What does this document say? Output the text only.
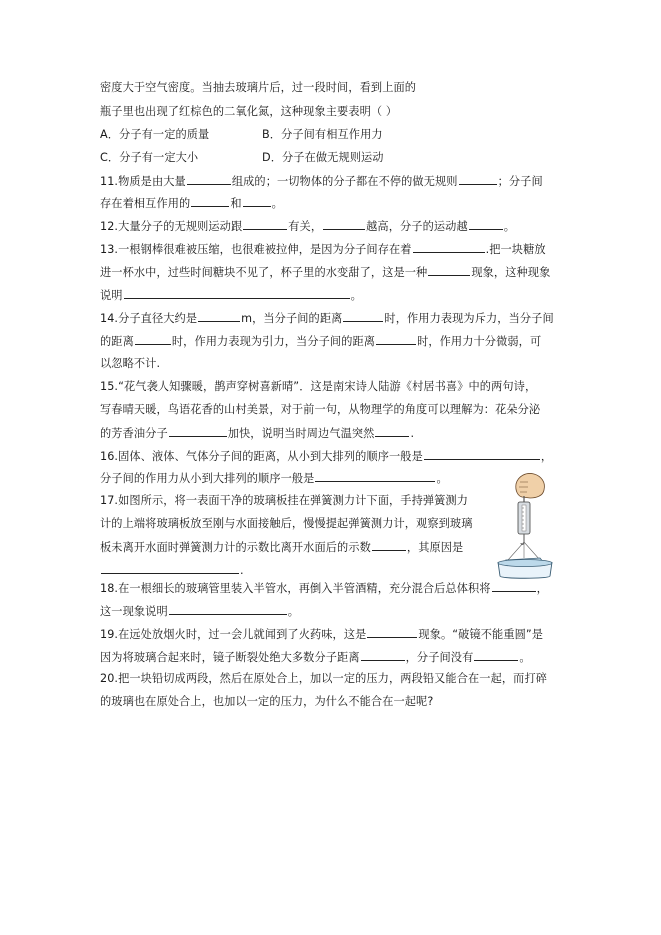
密度大于空气密度。当抽去玻璃片后，过一段时间，看到上面的
瓶子里也出现了红棕色的二氧化氮，这种现象主要表明（ ）
A．分子有一定的质量	B．分子间有相互作用力
C．分子有一定大小	D．分子在做无规则运动
11.物质是由大量	组成的；一切物体的分子都在不停的做无规则	；分子间
存在着相互作用的	和	。
12.大量分子的无规则运动跟	有关，	越高，分子的运动越	。
13.一根钢棒很难被压缩，也很难被拉伸，是因为分子间存在着	.把一块糖放
进一杯水中，过些时间糖块不见了，杯子里的水变甜了，这是一种	现象，这种现象
说明	。
14.分子直径大约是	m，当分子间的距离	时，作用力表现为斥力，当分子间
的距离	时，作用力表现为引力，当分子间的距离	时，作用力十分微弱，可
以忽略不计.
15.“花气袭人知骤暖，鹊声穿树喜新晴”．这是南宋诗人陆游《村居书喜》中的两句诗，
写春晴天暖，鸟语花香的山村美景，对于前一句，从物理学的角度可以理解为：花朵分泌
的芳香油分子	加快，说明当时周边气温突然	.
16.固体、液体、气体分子间的距离，从小到大排列的顺序一般是	，
分子间的作用力从小到大排列的顺序一般是	。
17.如图所示，将一表面干净的玻璃板挂在弹簧测力计下面，手持弹簧测力
计的上端将玻璃板放至刚与水面接触后，慢慢提起弹簧测力计，观察到玻璃
板未离开水面时弹簧测力计的示数比离开水面后的示数	，其原因是
.
18.在一根细长的玻璃管里装入半管水，再倒入半管酒精，充分混合后总体积将	，
这一现象说明	。
19.在远处放烟火时，过一会儿就闻到了火药味，这是	现象。“破镜不能重圆”是
因为将玻璃合起来时，镜子断裂处绝大多数分子距离	，分子间没有	。
20.把一块铅切成两段，然后在原处合上，加以一定的压力，两段铅又能合在一起，而打碎
的玻璃也在原处合上，也加以一定的压力，为什么不能合在一起呢?
